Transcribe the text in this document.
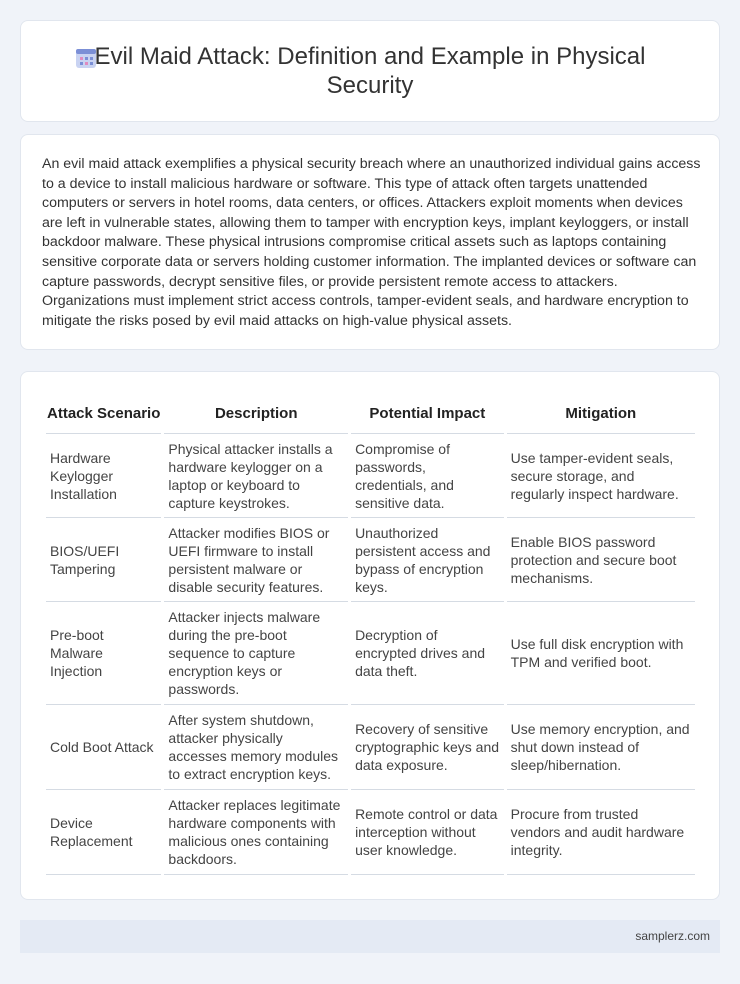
Evil Maid Attack: Definition and Example in Physical Security

An evil maid attack exemplifies a physical security breach where an unauthorized individual gains access to a device to install malicious hardware or software. This type of attack often targets unattended computers or servers in hotel rooms, data centers, or offices. Attackers exploit moments when devices are left in vulnerable states, allowing them to tamper with encryption keys, implant keyloggers, or install backdoor malware. These physical intrusions compromise critical assets such as laptops containing sensitive corporate data or servers holding customer information. The implanted devices or software can capture passwords, decrypt sensitive files, or provide persistent remote access to attackers. Organizations must implement strict access controls, tamper-evident seals, and hardware encryption to mitigate the risks posed by evil maid attacks on high-value physical assets.

Attack Scenario	Description	Potential Impact	Mitigation
Hardware Keylogger Installation	Physical attacker installs a hardware keylogger on a laptop or keyboard to capture keystrokes.	Compromise of passwords, credentials, and sensitive data.	Use tamper-evident seals, secure storage, and regularly inspect hardware.
BIOS/UEFI Tampering	Attacker modifies BIOS or UEFI firmware to install persistent malware or disable security features.	Unauthorized persistent access and bypass of encryption keys.	Enable BIOS password protection and secure boot mechanisms.
Pre-boot Malware Injection	Attacker injects malware during the pre-boot sequence to capture encryption keys or passwords.	Decryption of encrypted drives and data theft.	Use full disk encryption with TPM and verified boot.
Cold Boot Attack	After system shutdown, attacker physically accesses memory modules to extract encryption keys.	Recovery of sensitive cryptographic keys and data exposure.	Use memory encryption, and shut down instead of sleep/hibernation.
Device Replacement	Attacker replaces legitimate hardware components with malicious ones containing backdoors.	Remote control or data interception without user knowledge.	Procure from trusted vendors and audit hardware integrity.
samplerz.com
